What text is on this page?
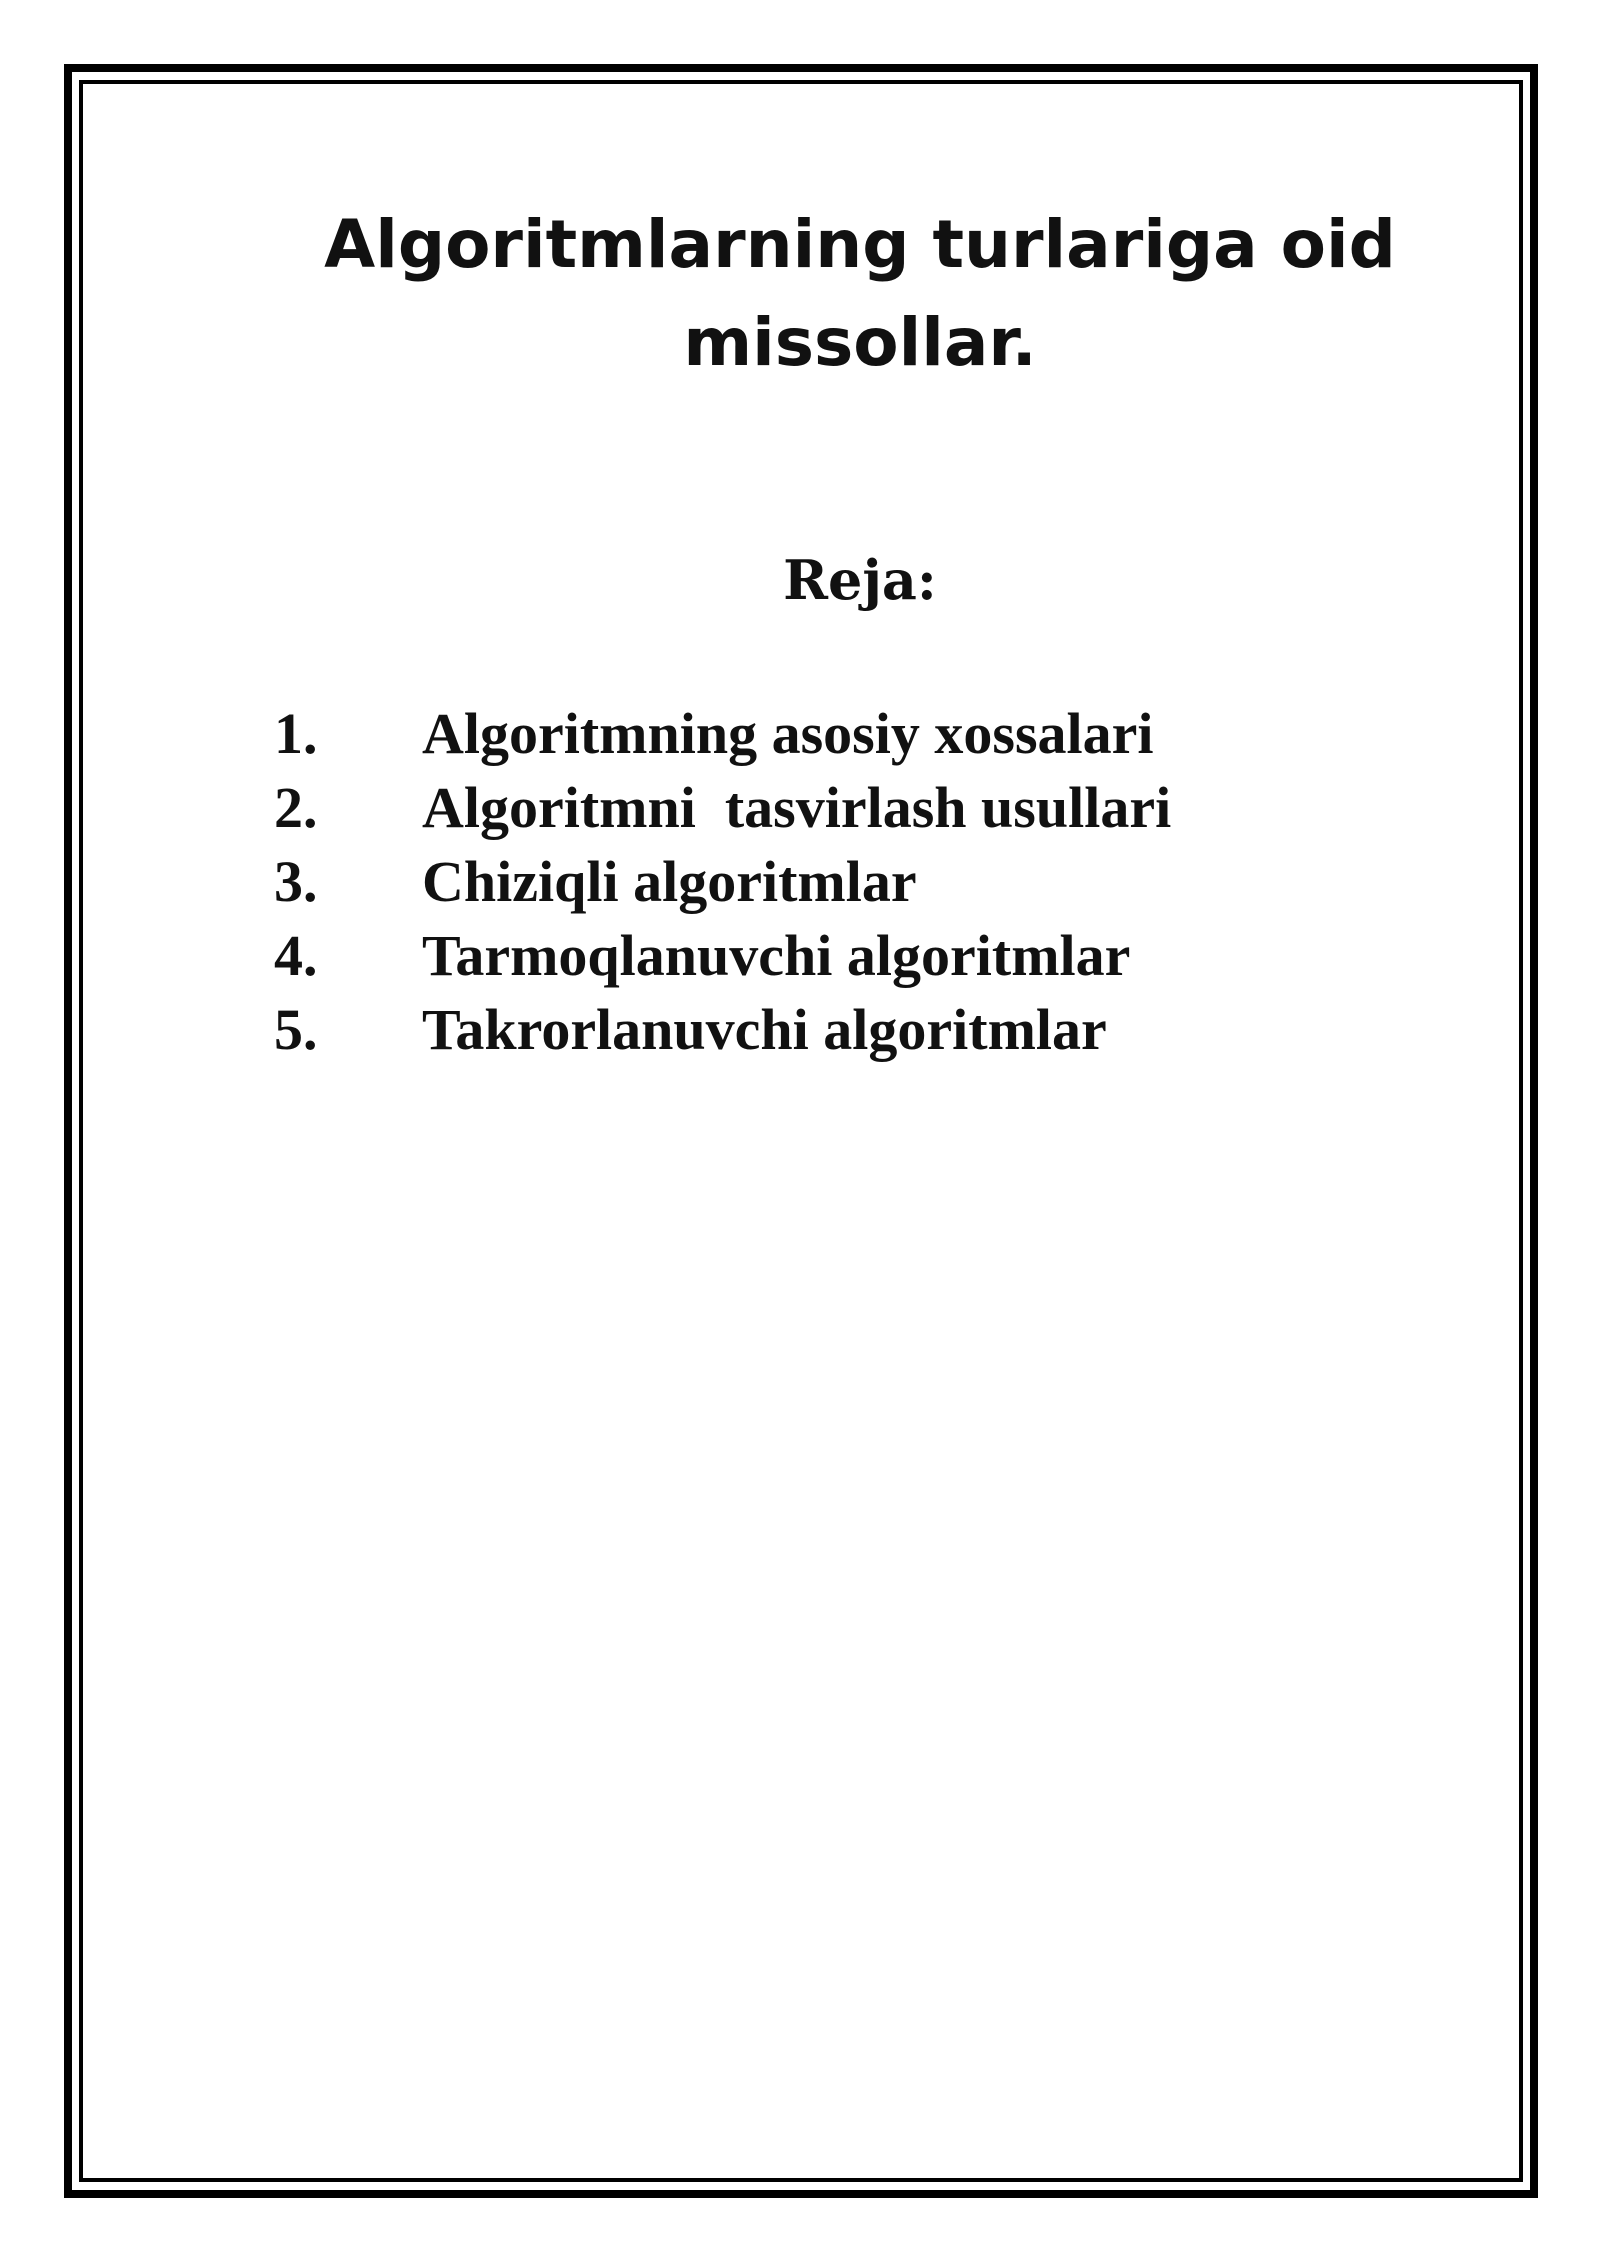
Algoritmlarning turlariga oid missollar.
Reja:
1.	Algoritmning asosiy xossalari
2.	Algoritmni  tasvirlash usullari
3.	Chiziqli algoritmlar
4.	Tarmoqlanuvchi algoritmlar
5.	Takrorlanuvchi algoritmlar
